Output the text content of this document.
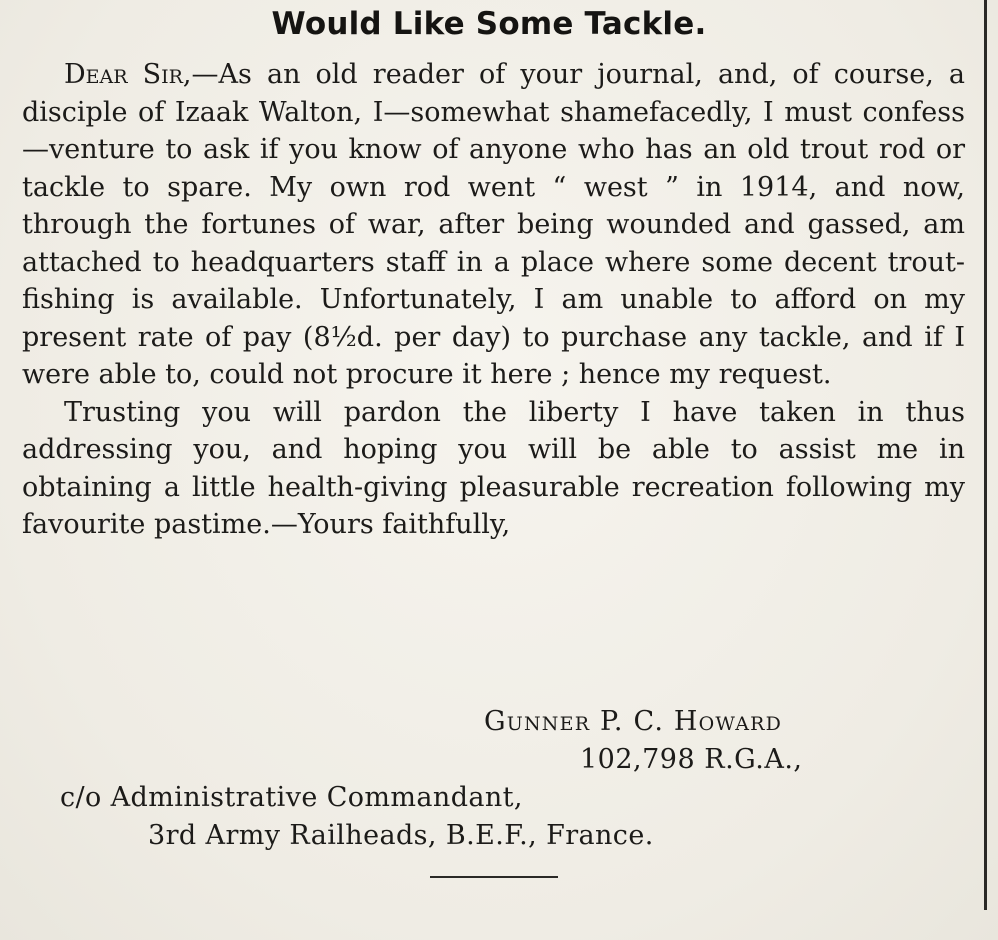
Would Like Some Tackle.

Dear Sir,—As an old reader of your journal, and, of course, a disciple of Izaak Walton, I—somewhat shamefacedly, I must confess—venture to ask if you know of anyone who has an old trout rod or tackle to spare. My own rod went “ west ” in 1914, and now, through the fortunes of war, after being wounded and gassed, am attached to headquarters staff in a place where some decent trout-fishing is available. Unfortunately, I am unable to afford on my present rate of pay (8½d. per day) to purchase any tackle, and if I were able to, could not procure it here ; hence my request.

Trusting you will pardon the liberty I have taken in thus addressing you, and hoping you will be able to assist me in obtaining a little health-giving pleasurable recreation following my favourite pastime.—Yours faithfully,

Gunner P. C. Howard
102,798 R.G.A.,
c/o Administrative Commandant,
3rd Army Railheads, B.E.F., France.
